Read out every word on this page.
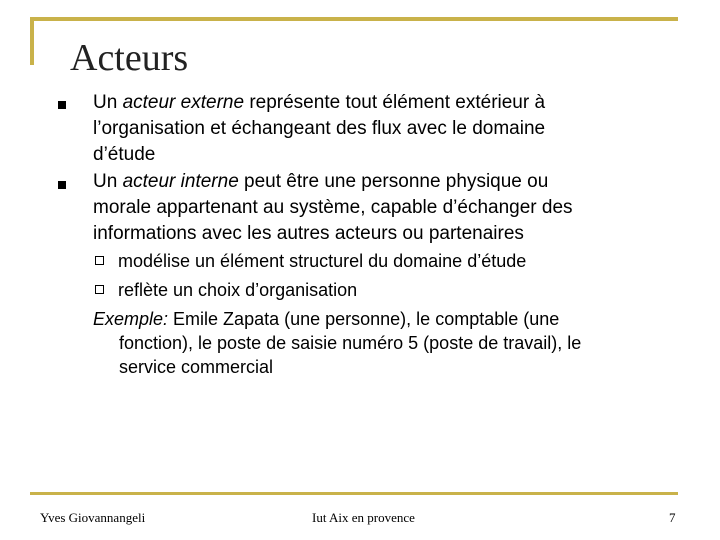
Acteurs
Un acteur externe représente tout élément extérieur à
l’organisation et échangeant des flux avec le domaine
d’étude
Un acteur interne peut être une personne physique ou
morale appartenant au système, capable d’échanger des
informations avec les autres acteurs ou partenaires
modélise un élément structurel du domaine d’étude
reflète un choix d’organisation
Exemple: Emile Zapata (une personne), le comptable (une
fonction), le poste de saisie numéro 5 (poste de travail), le
service commercial
Yves Giovannangeli	Iut Aix en provence	7
